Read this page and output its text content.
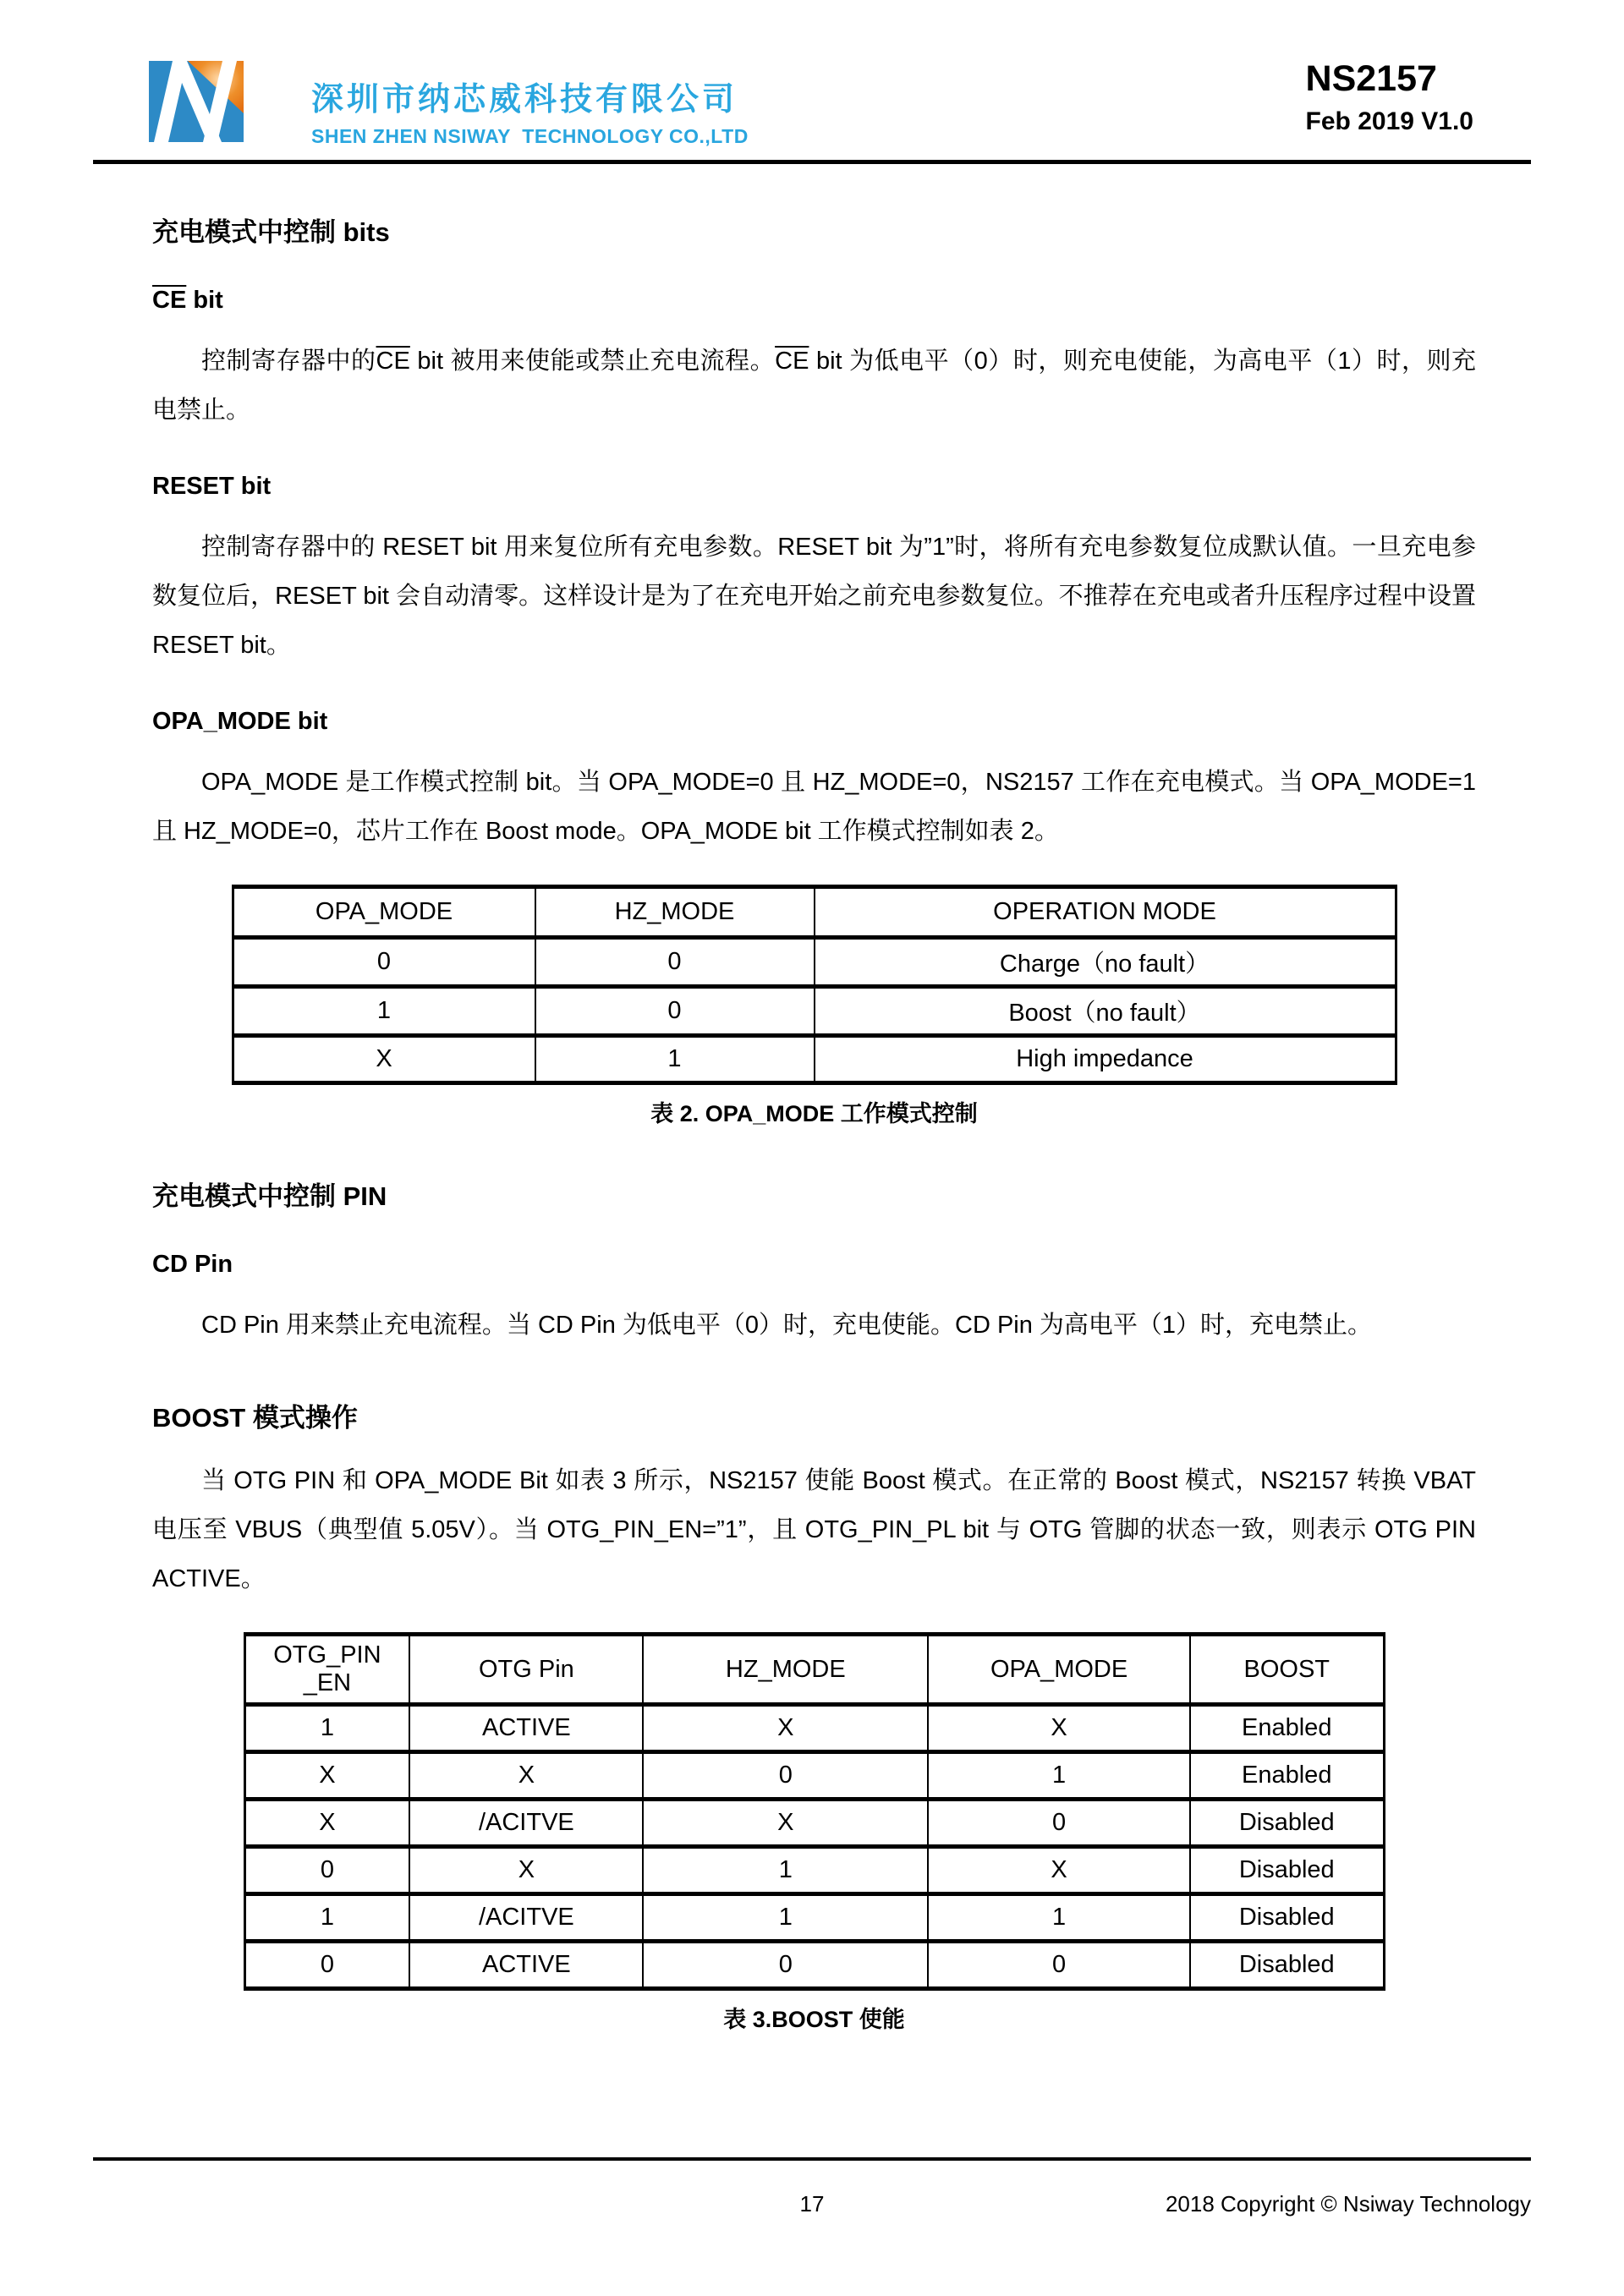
深圳市纳芯威科技有限公司
SHEN ZHEN NSIWAY  TECHNOLOGY CO.,LTD
NS2157
Feb 2019 V1.0
充电模式中控制 bits
CE bit

控制寄存器中的$\overline{CE}$ bit 被用来使能或禁止充电流程。$\overline{CE}$ bit 为低电平（0）时，则充电使能，为高电平（1）时，则充电禁止。

RESET bit

控制寄存器中的 RESET bit 用来复位所有充电参数。RESET bit 为”1”时，将所有充电参数复位成默认值。一旦充电参数复位后，RESET bit 会自动清零。这样设计是为了在充电开始之前充电参数复位。不推荐在充电或者升压程序过程中设置 RESET bit。

OPA_MODE bit

OPA_MODE 是工作模式控制 bit。当 OPA_MODE=0 且 HZ_MODE=0，NS2157 工作在充电模式。当 OPA_MODE=1 且 HZ_MODE=0，芯片工作在 Boost mode。OPA_MODE bit 工作模式控制如表 2。

OPA_MODE	HZ_MODE	OPERATION MODE
0	0	Charge（no fault）
1	0	Boost（no fault）
X	1	High impedance
表 2. OPA_MODE 工作模式控制
充电模式中控制 PIN
CD Pin

CD Pin 用来禁止充电流程。当 CD Pin 为低电平（0）时，充电使能。CD Pin 为高电平（1）时，充电禁止。

BOOST 模式操作

当 OTG PIN 和 OPA_MODE Bit 如表 3 所示，NS2157 使能 Boost 模式。在正常的 Boost 模式，NS2157 转换 VBAT 电压至 VBUS（典型值 5.05V）。当 OTG_PIN_EN=”1”，且 OTG_PIN_PL bit 与 OTG 管脚的状态一致，则表示 OTG PIN ACTIVE。

OTG_PIN
_EN	OTG Pin	HZ_MODE	OPA_MODE	BOOST
1	ACTIVE	X	X	Enabled
X	X	0	1	Enabled
X	/ACITVE	X	0	Disabled
0	X	1	X	Disabled
1	/ACITVE	1	1	Disabled
0	ACTIVE	0	0	Disabled
表 3.BOOST 使能
17	2018 Copyright © Nsiway Technology
